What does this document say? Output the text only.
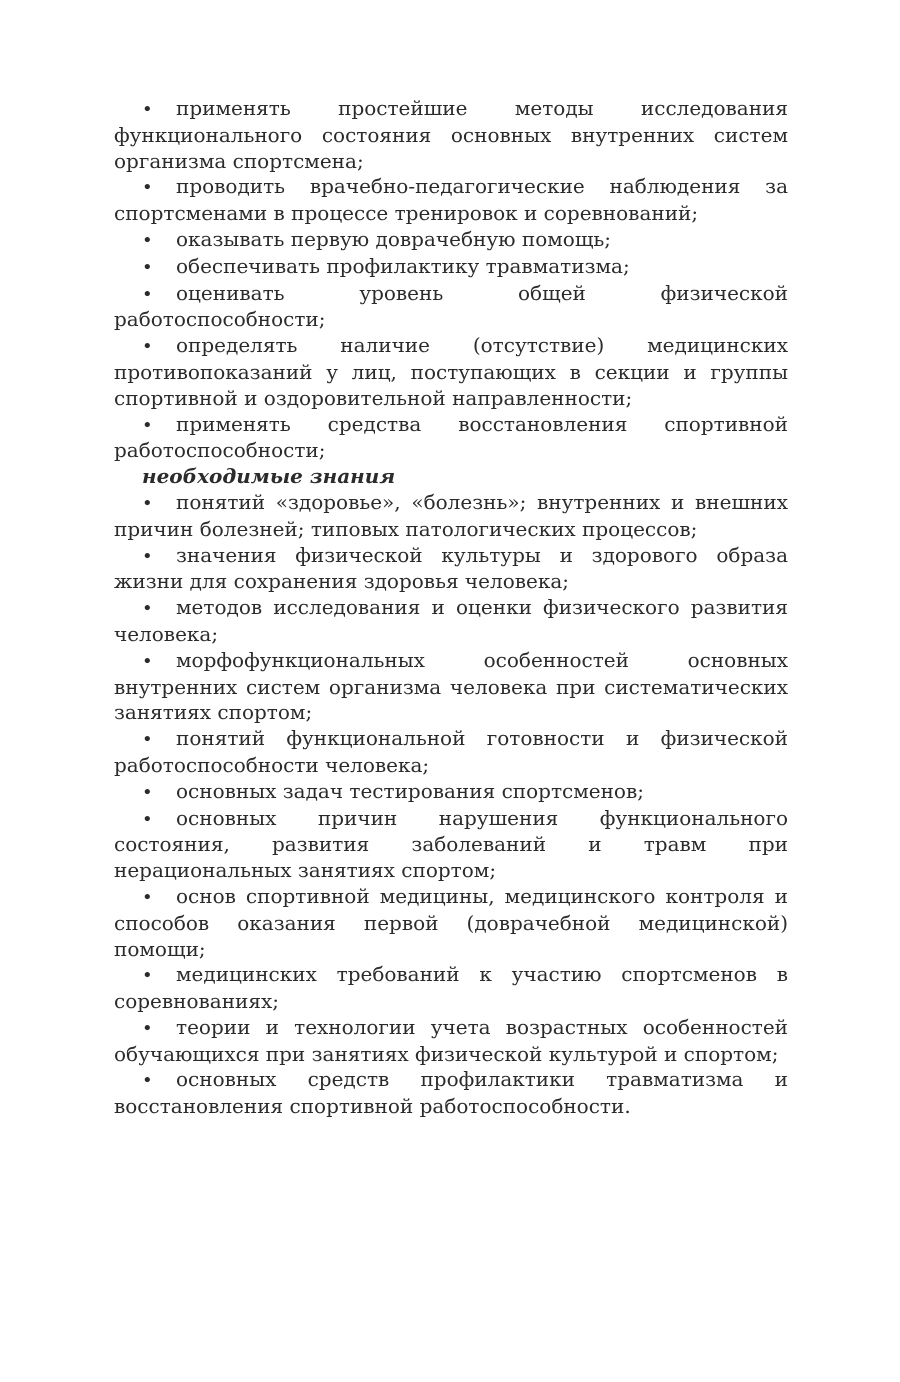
• применять простейшие методы исследования функционального состояния основных внутренних систем организма спортсмена;

• проводить врачебно-педагогические наблюдения за спортсменами в процессе тренировок и соревнований;

• оказывать первую доврачебную помощь;

• обеспечивать профилактику травматизма;

• оценивать уровень общей физической работоспособности;

• определять наличие (отсутствие) медицинских противопоказаний у лиц, поступающих в секции и группы спортивной и оздоровительной направленности;

• применять средства восстановления спортивной работоспособности;

необходимые знания

• понятий «здоровье», «болезнь»; внутренних и внешних причин болезней; типовых патологических процессов;

• значения физической культуры и здорового образа жизни для сохранения здоровья человека;

• методов исследования и оценки физического развития человека;

• морфофункциональных особенностей основных внутренних систем организма человека при систематических занятиях спортом;

• понятий функциональной готовности и физической работоспособности человека;

• основных задач тестирования спортсменов;

• основных причин нарушения функционального состояния, развития заболеваний и травм при нерациональных занятиях спортом;

• основ спортивной медицины, медицинского контроля и способов оказания первой (доврачебной медицинской) помощи;

• медицинских требований к участию спортсменов в соревнованиях;

• теории и технологии учета возрастных особенностей обучающихся при занятиях физической культурой и спортом;

• основных средств профилактики травматизма и восстановления спортивной работоспособности.
